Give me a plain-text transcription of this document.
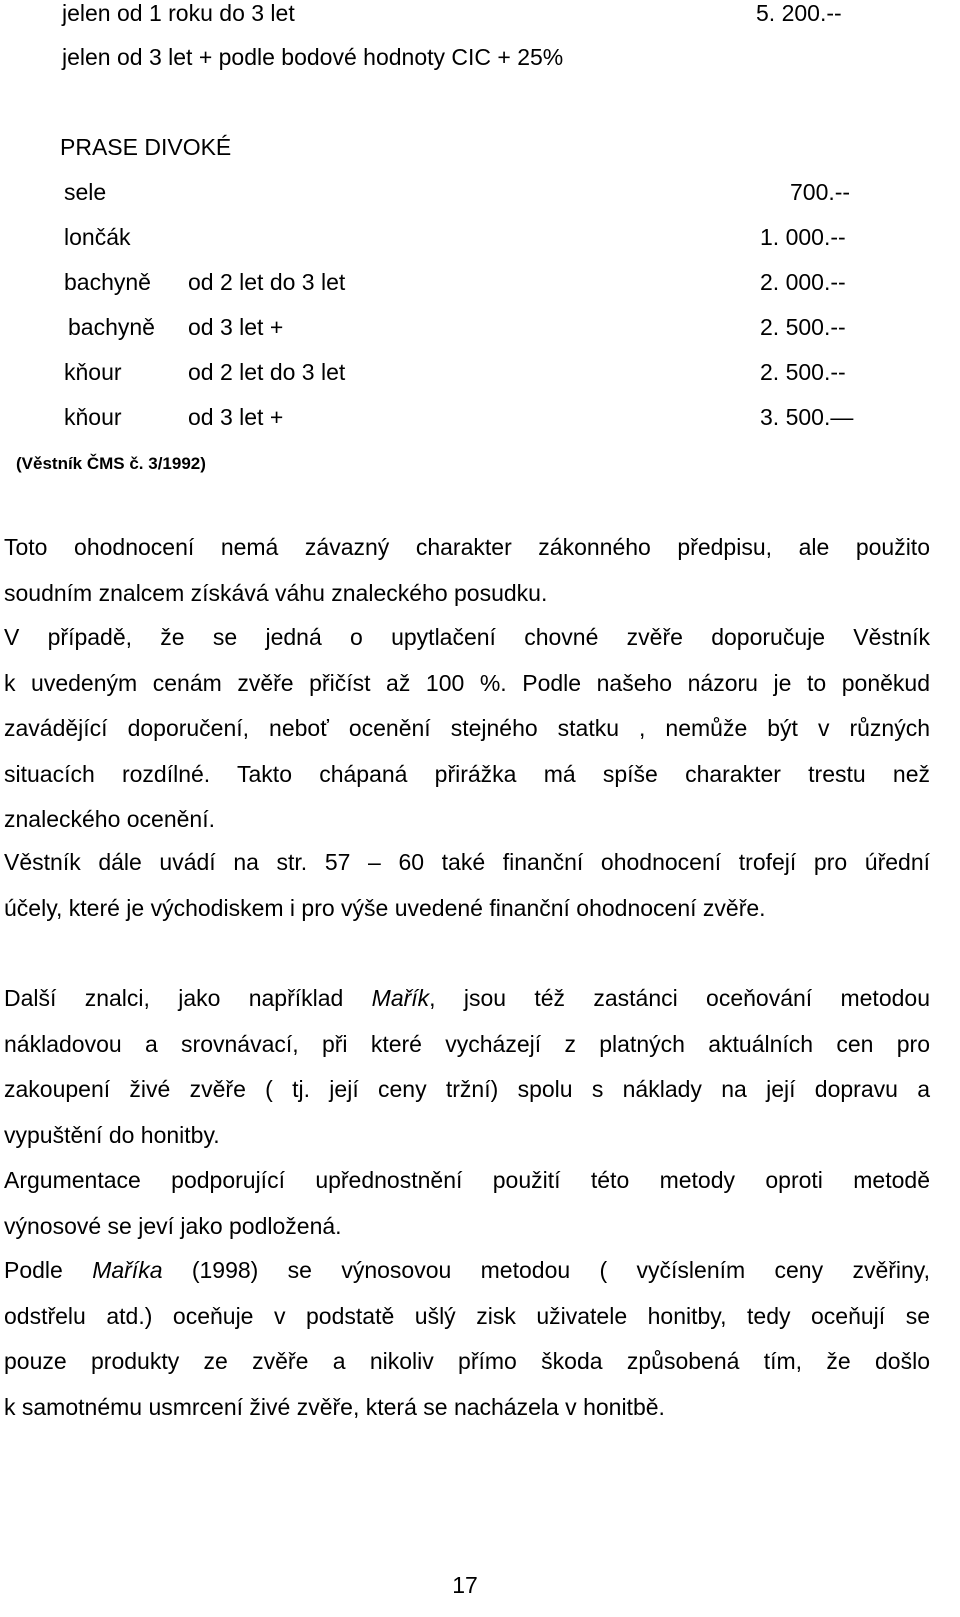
jelen od 1 roku do 3 let	5. 200.--
jelen od 3 let + podle bodové hodnoty CIC + 25%
PRASE DIVOKÉ
sele	700.--
lončák	1. 000.--
bachyně od 2 let do 3 let	2. 000.--
bachyně od 3 let +	2. 500.--
kňour	od 2 let do 3 let	2. 500.--
kňour	od 3 let +	3. 500.—
(Věstník ČMS č. 3/1992)

Toto ohodnocení nemá závazný charakter zákonného předpisu, ale použito

soudním znalcem získává váhu znaleckého posudku.

V případě, že se jedná o upytlačení chovné zvěře doporučuje Věstník

k uvedeným cenám zvěře přičíst až 100 %. Podle našeho názoru je to poněkud

zavádějící doporučení, neboť ocenění stejného statku , nemůže být v různých

situacích rozdílné. Takto chápaná přirážka má spíše charakter trestu než

znaleckého ocenění.

Věstník dále uvádí na str. 57 – 60 také finanční ohodnocení trofejí pro úřední

účely, které je východiskem i pro výše uvedené finanční ohodnocení zvěře.

Další znalci, jako například Mařík, jsou též zastánci oceňování metodou

nákladovou a srovnávací, při které vycházejí z platných aktuálních cen pro

zakoupení živé zvěře ( tj. její ceny tržní) spolu s náklady na její dopravu a

vypuštění do honitby.

Argumentace podporující upřednostnění použití této metody oproti metodě

výnosové se jeví jako podložená.

Podle Maříka (1998) se výnosovou metodou ( vyčíslením ceny zvěřiny,

odstřelu atd.) oceňuje v podstatě ušlý zisk uživatele honitby, tedy oceňují se

pouze produkty ze zvěře a nikoliv přímo škoda způsobená tím, že došlo

k samotnému usmrcení živé zvěře, která se nacházela v honitbě.

17
